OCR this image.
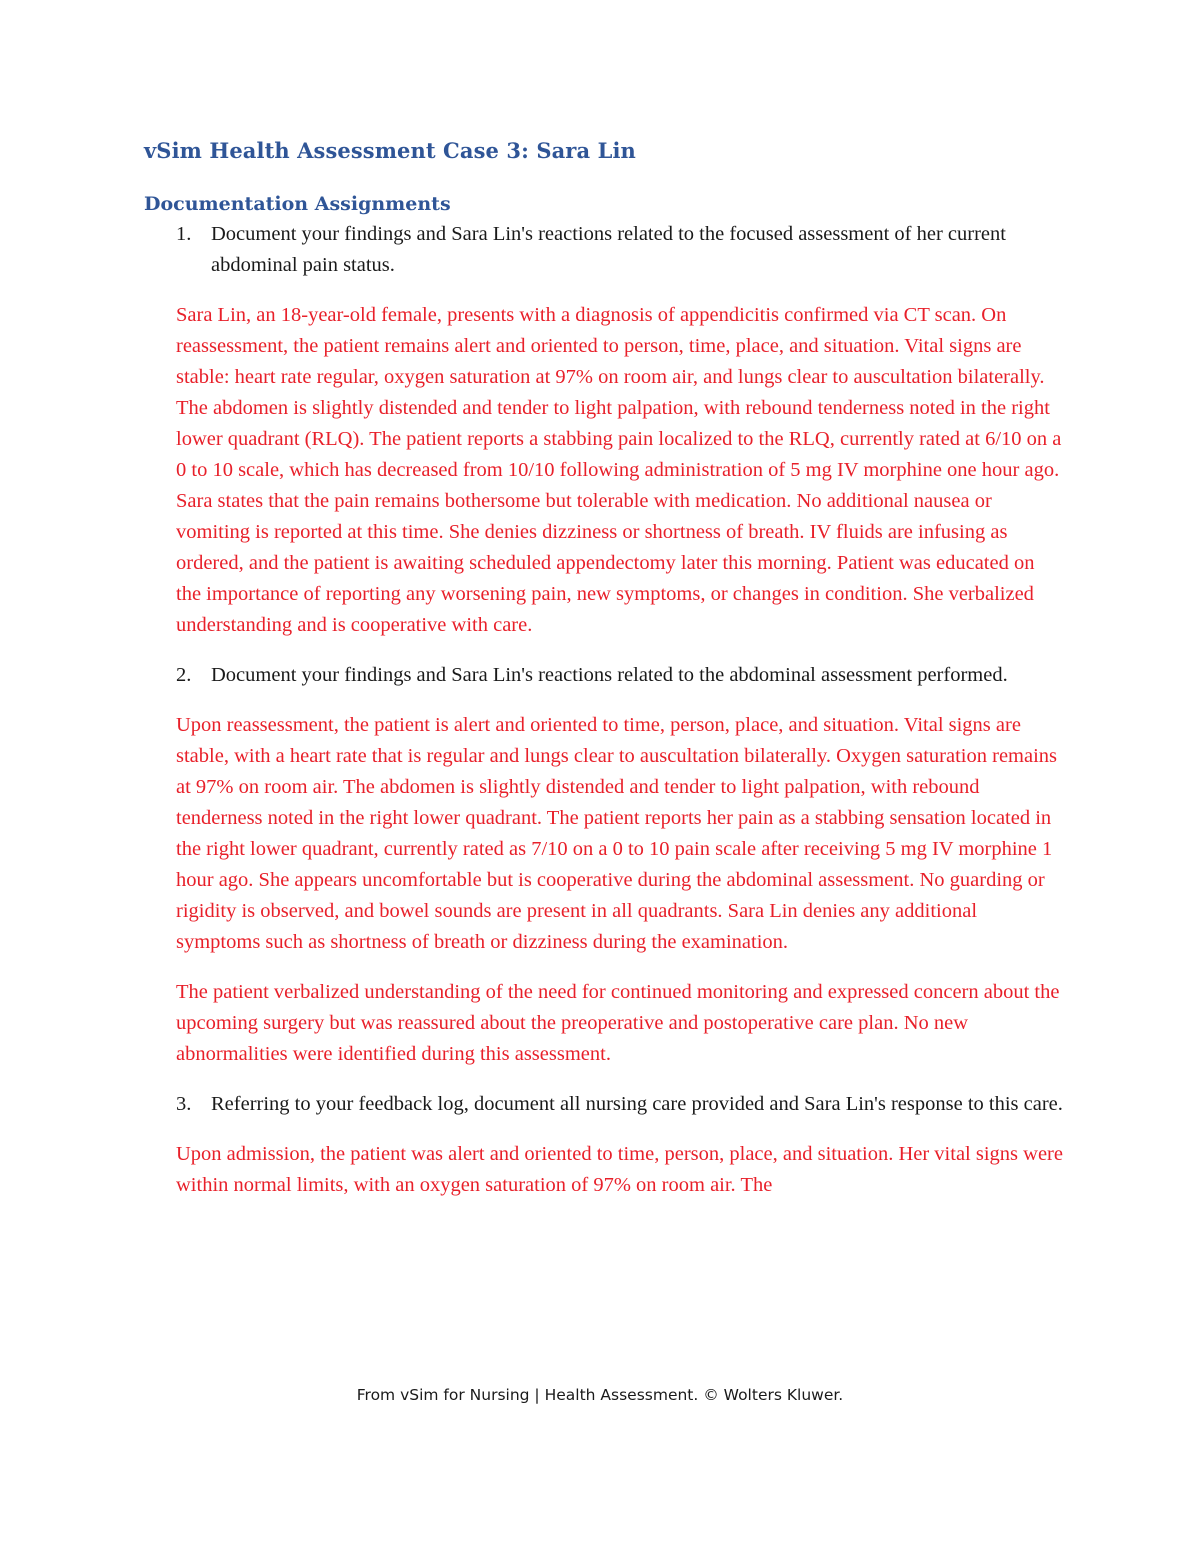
vSim Health Assessment Case 3: Sara Lin
Documentation Assignments
1. Document your findings and Sara Lin's reactions related to the focused assessment of her current abdominal pain status.

Sara Lin, an 18-year-old female, presents with a diagnosis of appendicitis confirmed via CT scan. On reassessment, the patient remains alert and oriented to person, time, place, and situation. Vital signs are stable: heart rate regular, oxygen saturation at 97% on room air, and lungs clear to auscultation bilaterally. The abdomen is slightly distended and tender to light palpation, with rebound tenderness noted in the right lower quadrant (RLQ). The patient reports a stabbing pain localized to the RLQ, currently rated at 6/10 on a 0 to 10 scale, which has decreased from 10/10 following administration of 5 mg IV morphine one hour ago. Sara states that the pain remains bothersome but tolerable with medication. No additional nausea or vomiting is reported at this time. She denies dizziness or shortness of breath. IV fluids are infusing as ordered, and the patient is awaiting scheduled appendectomy later this morning. Patient was educated on the importance of reporting any worsening pain, new symptoms, or changes in condition. She verbalized understanding and is cooperative with care.

2. Document your findings and Sara Lin's reactions related to the abdominal assessment performed.

Upon reassessment, the patient is alert and oriented to time, person, place, and situation. Vital signs are stable, with a heart rate that is regular and lungs clear to auscultation bilaterally. Oxygen saturation remains at 97% on room air. The abdomen is slightly distended and tender to light palpation, with rebound tenderness noted in the right lower quadrant. The patient reports her pain as a stabbing sensation located in the right lower quadrant, currently rated as 7/10 on a 0 to 10 pain scale after receiving 5 mg IV morphine 1 hour ago. She appears uncomfortable but is cooperative during the abdominal assessment. No guarding or rigidity is observed, and bowel sounds are present in all quadrants. Sara Lin denies any additional symptoms such as shortness of breath or dizziness during the examination.

The patient verbalized understanding of the need for continued monitoring and expressed concern about the upcoming surgery but was reassured about the preoperative and postoperative care plan. No new abnormalities were identified during this assessment.

3. Referring to your feedback log, document all nursing care provided and Sara Lin's response to this care.

Upon admission, the patient was alert and oriented to time, person, place, and situation. Her vital signs were within normal limits, with an oxygen saturation of 97% on room air. The

From vSim for Nursing | Health Assessment. © Wolters Kluwer.
